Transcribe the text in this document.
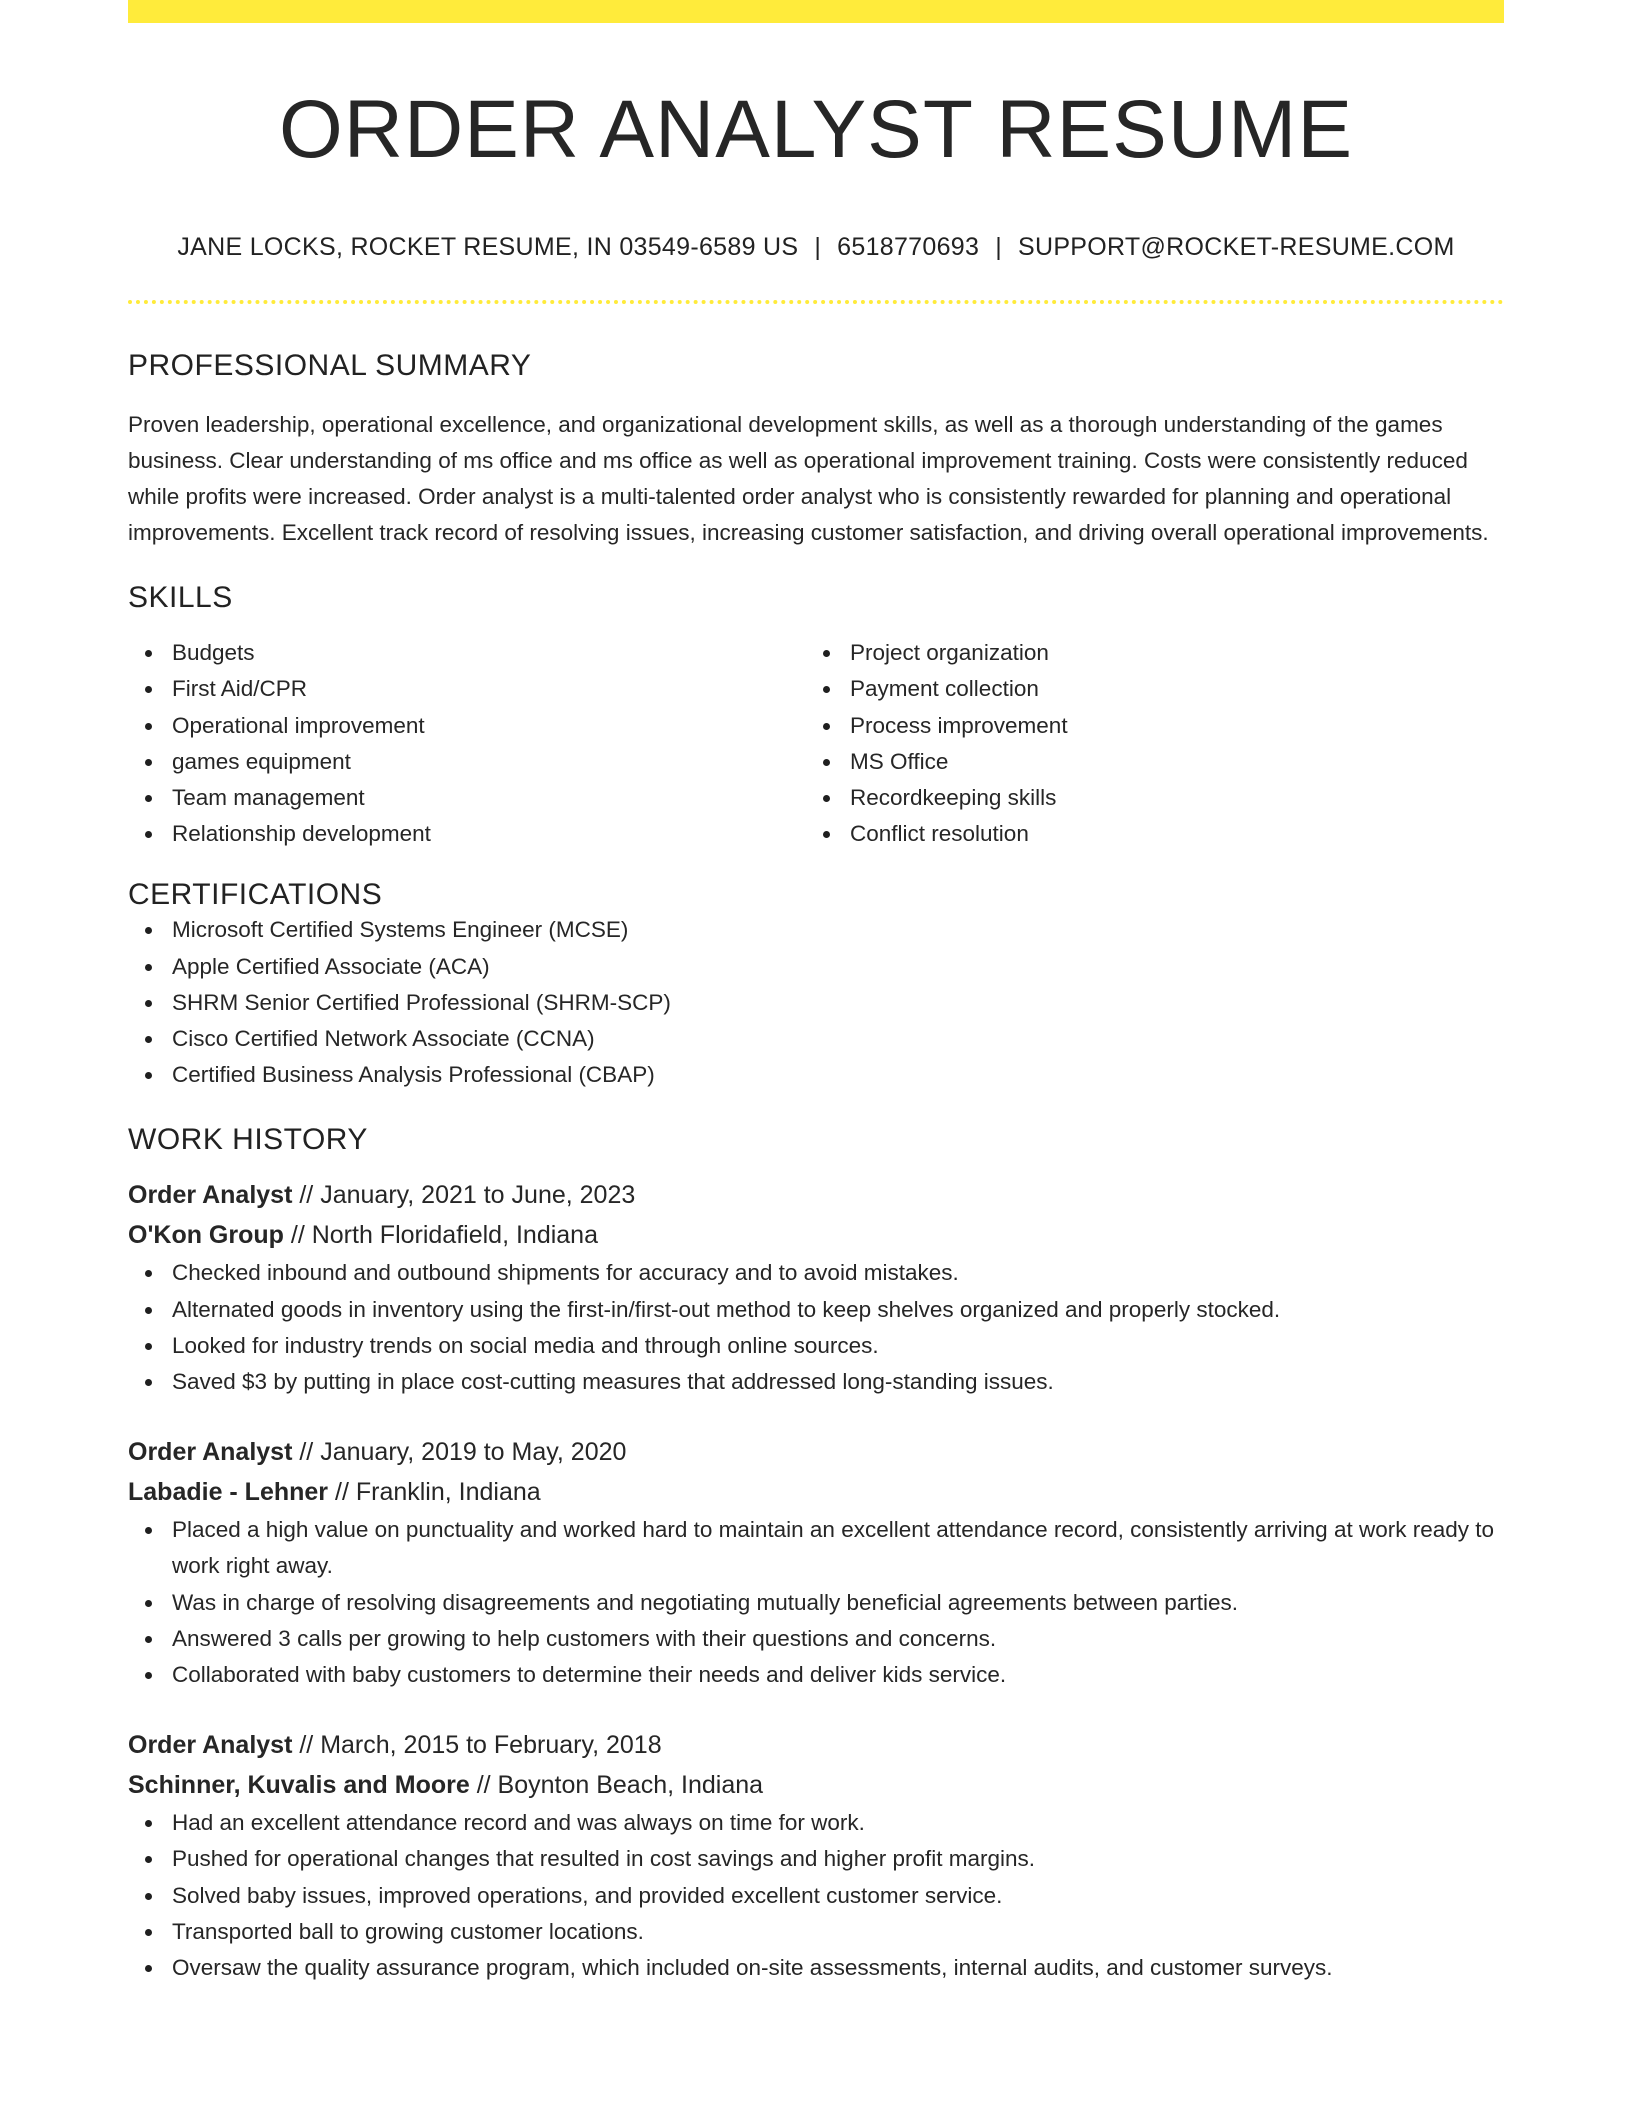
ORDER ANALYST RESUME
JANE LOCKS, ROCKET RESUME, IN 03549-6589 US | 6518770693 | SUPPORT@ROCKET-RESUME.COM
PROFESSIONAL SUMMARY

Proven leadership, operational excellence, and organizational development skills, as well as a thorough understanding of the games business. Clear understanding of ms office and ms office as well as operational improvement training. Costs were consistently reduced while profits were increased. Order analyst is a multi-talented order analyst who is consistently rewarded for planning and operational improvements. Excellent track record of resolving issues, increasing customer satisfaction, and driving overall operational improvements.

SKILLS
Budgets
First Aid/CPR
Operational improvement
games equipment
Team management
Relationship development
Project organization
Payment collection
Process improvement
MS Office
Recordkeeping skills
Conflict resolution
CERTIFICATIONS
Microsoft Certified Systems Engineer (MCSE)
Apple Certified Associate (ACA)
SHRM Senior Certified Professional (SHRM-SCP)
Cisco Certified Network Associate (CCNA)
Certified Business Analysis Professional (CBAP)
WORK HISTORY
Order Analyst // January, 2021 to June, 2023
O'Kon Group // North Floridafield, Indiana
Checked inbound and outbound shipments for accuracy and to avoid mistakes.
Alternated goods in inventory using the first-in/first-out method to keep shelves organized and properly stocked.
Looked for industry trends on social media and through online sources.
Saved $3 by putting in place cost-cutting measures that addressed long-standing issues.
Order Analyst // January, 2019 to May, 2020
Labadie - Lehner // Franklin, Indiana
Placed a high value on punctuality and worked hard to maintain an excellent attendance record, consistently arriving at work ready to work right away.
Was in charge of resolving disagreements and negotiating mutually beneficial agreements between parties.
Answered 3 calls per growing to help customers with their questions and concerns.
Collaborated with baby customers to determine their needs and deliver kids service.
Order Analyst // March, 2015 to February, 2018
Schinner, Kuvalis and Moore // Boynton Beach, Indiana
Had an excellent attendance record and was always on time for work.
Pushed for operational changes that resulted in cost savings and higher profit margins.
Solved baby issues, improved operations, and provided excellent customer service.
Transported ball to growing customer locations.
Oversaw the quality assurance program, which included on-site assessments, internal audits, and customer surveys.
